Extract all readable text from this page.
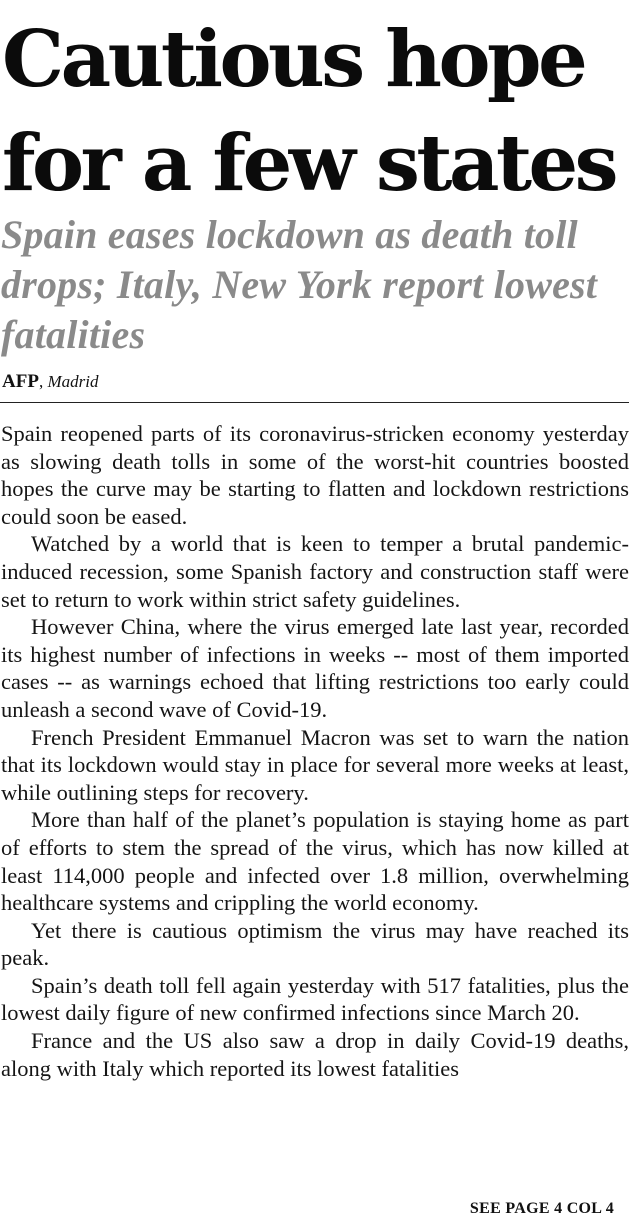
Cautious hope
for a few states
Spain eases lockdown as death toll drops; Italy, New York report lowest fatalities
AFP, Madrid

Spain reopened parts of its coronavirus-stricken economy yesterday as slowing death tolls in some of the worst-hit countries boosted hopes the curve may be starting to flatten and lockdown restrictions could soon be eased.

Watched by a world that is keen to temper a brutal pandemic-induced recession, some Spanish factory and construction staff were set to return to work within strict safety guidelines.

However China, where the virus emerged late last year, recorded its highest number of infections in weeks -- most of them imported cases -- as warnings echoed that lifting restrictions too early could unleash a second wave of Covid-19.

French President Emmanuel Macron was set to warn the nation that its lockdown would stay in place for several more weeks at least, while outlining steps for recovery.

More than half of the planet’s population is staying home as part of efforts to stem the spread of the virus, which has now killed at least 114,000 people and infected over 1.8 million, overwhelming healthcare systems and crippling the world economy.

Yet there is cautious optimism the virus may have reached its peak.

Spain’s death toll fell again yesterday with 517 fatalities, plus the lowest daily figure of new confirmed infections since March 20.

France and the US also saw a drop in daily Covid-19 deaths, along with Italy which reported its lowest fatalities

SEE PAGE 4 COL 4
